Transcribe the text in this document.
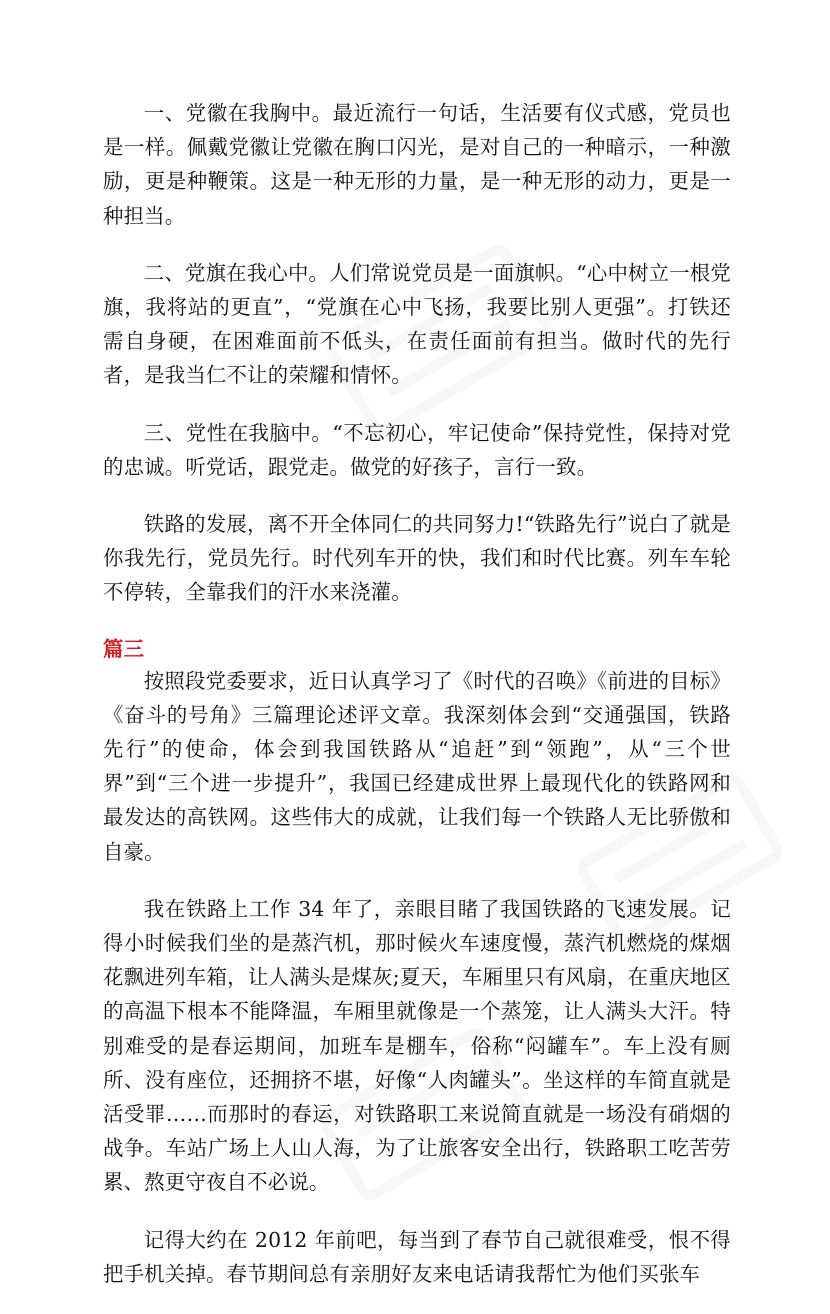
一、党徽在我胸中。最近流行一句话，生活要有仪式感，党员也是一样。佩戴党徽让党徽在胸口闪光，是对自己的一种暗示，一种激励，更是种鞭策。这是一种无形的力量，是一种无形的动力，更是一种担当。

二、党旗在我心中。人们常说党员是一面旗帜。“心中树立一根党旗，我将站的更直”，“党旗在心中飞扬，我要比别人更强”。打铁还需自身硬，在困难面前不低头，在责任面前有担当。做时代的先行者，是我当仁不让的荣耀和情怀。

三、党性在我脑中。“不忘初心，牢记使命”保持党性，保持对党的忠诚。听党话，跟党走。做党的好孩子，言行一致。

铁路的发展，离不开全体同仁的共同努力!“铁路先行”说白了就是你我先行，党员先行。时代列车开的快，我们和时代比赛。列车车轮不停转，全靠我们的汗水来浇灌。

篇三

按照段党委要求，近日认真学习了《时代的召唤》《前进的目标》《奋斗的号角》三篇理论述评文章。我深刻体会到“交通强国，铁路先行”的使命，体会到我国铁路从“追赶”到“领跑”，从“三个世界”到“三个进一步提升”，我国已经建成世界上最现代化的铁路网和最发达的高铁网。这些伟大的成就，让我们每一个铁路人无比骄傲和自豪。

我在铁路上工作 34 年了，亲眼目睹了我国铁路的飞速发展。记得小时候我们坐的是蒸汽机，那时候火车速度慢，蒸汽机燃烧的煤烟花飘进列车箱，让人满头是煤灰;夏天，车厢里只有风扇，在重庆地区的高温下根本不能降温，车厢里就像是一个蒸笼，让人满头大汗。特别难受的是春运期间，加班车是棚车，俗称“闷罐车”。车上没有厕所、没有座位，还拥挤不堪，好像“人肉罐头”。坐这样的车简直就是活受罪……而那时的春运，对铁路职工来说简直就是一场没有硝烟的战争。车站广场上人山人海，为了让旅客安全出行，铁路职工吃苦劳累、熬更守夜自不必说。

记得大约在 2012 年前吧，每当到了春节自己就很难受，恨不得把手机关掉。春节期间总有亲朋好友来电话请我帮忙为他们买张车
